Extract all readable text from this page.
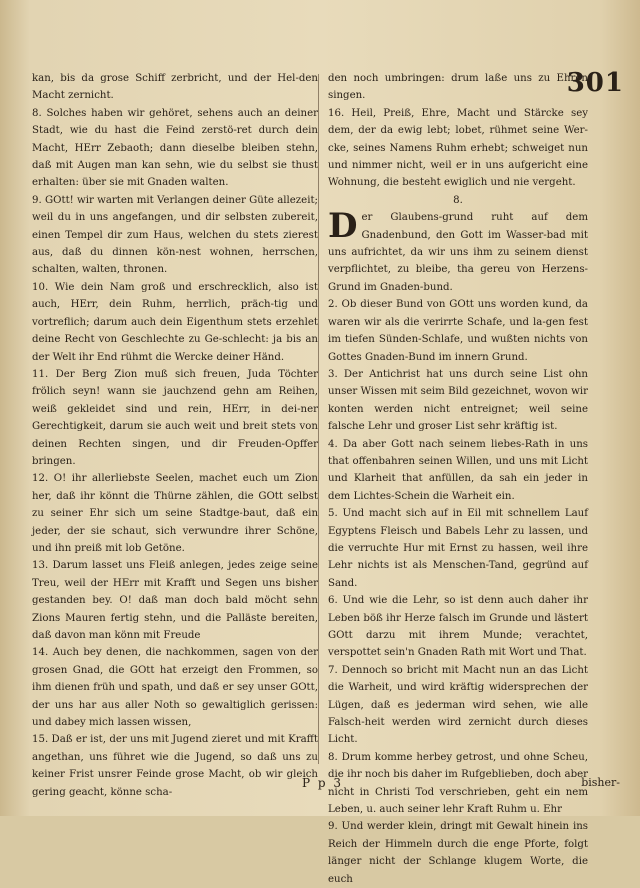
301

kan, bis da grose Schiff zerbricht, und der Hel-den Macht zernicht.

8. Solches haben wir gehöret, sehens auch an deiner Stadt, wie du hast die Feind zerstö-ret durch dein Macht, HErr Zebaoth; dann dieselbe bleiben stehn, daß mit Augen man kan sehn, wie du selbst sie thust erhalten: über sie mit Gnaden walten.

9. GOtt! wir warten mit Verlangen deiner Güte allezeit; weil du in uns angefangen, und dir selbsten zubereit, einen Tempel dir zum Haus, welchen du stets zierest aus, daß du dinnen kön-nest wohnen, herrschen, schalten, walten, thronen.

10. Wie dein Nam groß und erschrecklich, also ist auch, HErr, dein Ruhm, herrlich, präch-tig und vortreflich; darum auch dein Eigenthum stets erzehlet deine Recht von Geschlechte zu Ge-schlecht: ja bis an der Welt ihr End rühmt die Wercke deiner Händ.

11. Der Berg Zion muß sich freuen, Juda Töchter frölich seyn! wann sie jauchzend gehn am Reihen, weiß gekleidet sind und rein, HErr, in dei-ner Gerechtigkeit, darum sie auch weit und breit stets von deinen Rechten singen, und dir Freuden-Opffer bringen.

12. O! ihr allerliebste Seelen, machet euch um Zion her, daß ihr könnt die Thürne zählen, die GOtt selbst zu seiner Ehr sich um seine Stadtge-baut, daß ein jeder, der sie schaut, sich verwundre ihrer Schöne, und ihn preiß mit lob Getöne.

13. Darum lasset uns Fleiß anlegen, jedes zeige seine Treu, weil der HErr mit Krafft und Segen uns bisher gestanden bey. O! daß man doch bald möcht sehn Zions Mauren fertig stehn, und die Palläste bereiten, daß davon man könn mit Freude

14. Auch bey denen, die nachkommen, sagen von der grosen Gnad, die GOtt hat erzeigt den Frommen, so ihm dienen früh und spath, und daß er sey unser GOtt, der uns har aus aller Noth so gewaltiglich gerissen: und dabey mich lassen wissen,

15. Daß er ist, der uns mit Jugend zieret und mit Krafft angethan, uns führet wie die Jugend, so daß uns zu keiner Frist unsrer Feinde grose Macht, ob wir gleich gering geacht, könne scha-

den noch umbringen: drum laße uns zu Ehren singen.

16. Heil, Preiß, Ehre, Macht und Stärcke sey dem, der da ewig lebt; lobet, rühmet seine Wer-cke, seines Namens Ruhm erhebt; schweiget nun und nimmer nicht, weil er in uns aufgericht eine Wohnung, die besteht ewiglich und nie vergeht.

8.

Der Glaubens-grund ruht auf dem Gnadenbund, den Gott im Wasser-bad mit uns aufrichtet, da wir uns ihm zu seinem dienst verpflichtet, zu bleibe, tha gereu von Herzens-Grund im Gnaden-bund.

2. Ob dieser Bund von GOtt uns worden kund, da waren wir als die verirrte Schafe, und la-gen fest im tiefen Sünden-Schlafe, und wußten nichts von Gottes Gnaden-Bund im innern Grund.

3. Der Antichrist hat uns durch seine List ohn unser Wissen mit seim Bild gezeichnet, wovon wir konten werden nicht entreignet; weil seine falsche Lehr und groser List sehr kräftig ist.

4. Da aber Gott nach seinem liebes-Rath in uns that offenbahren seinen Willen, und uns mit Licht und Klarheit that anfüllen, da sah ein jeder in dem Lichtes-Schein die Warheit ein.

5. Und macht sich auf in Eil mit schnellem Lauf Egyptens Fleisch und Babels Lehr zu lassen, und die verruchte Hur mit Ernst zu hassen, weil ihre Lehr nichts ist als Menschen-Tand, gegründ auf Sand.

6. Und wie die Lehr, so ist denn auch daher ihr Leben böß ihr Herze falsch im Grunde und lästert GOtt darzu mit ihrem Munde; verachtet, verspottet sein'n Gnaden Rath mit Wort und That.

7. Dennoch so bricht mit Macht nun an das Licht die Warheit, und wird kräftig widersprechen der Lügen, daß es jederman wird sehen, wie alle Falsch-heit werden wird zernicht durch dieses Licht.

8. Drum komme herbey getrost, und ohne Scheu, die ihr noch bis daher im Rufgeblieben, doch aber nicht in Christi Tod verschrieben, geht ein nem Leben, u. auch seiner lehr Kraft Ruhm u. Ehr

9. Und werder klein, dringt mit Gewalt hinein ins Reich der Himmeln durch die enge Pforte, folgt länger nicht der Schlange klugem Worte, die euch

P p 3	bisher-
